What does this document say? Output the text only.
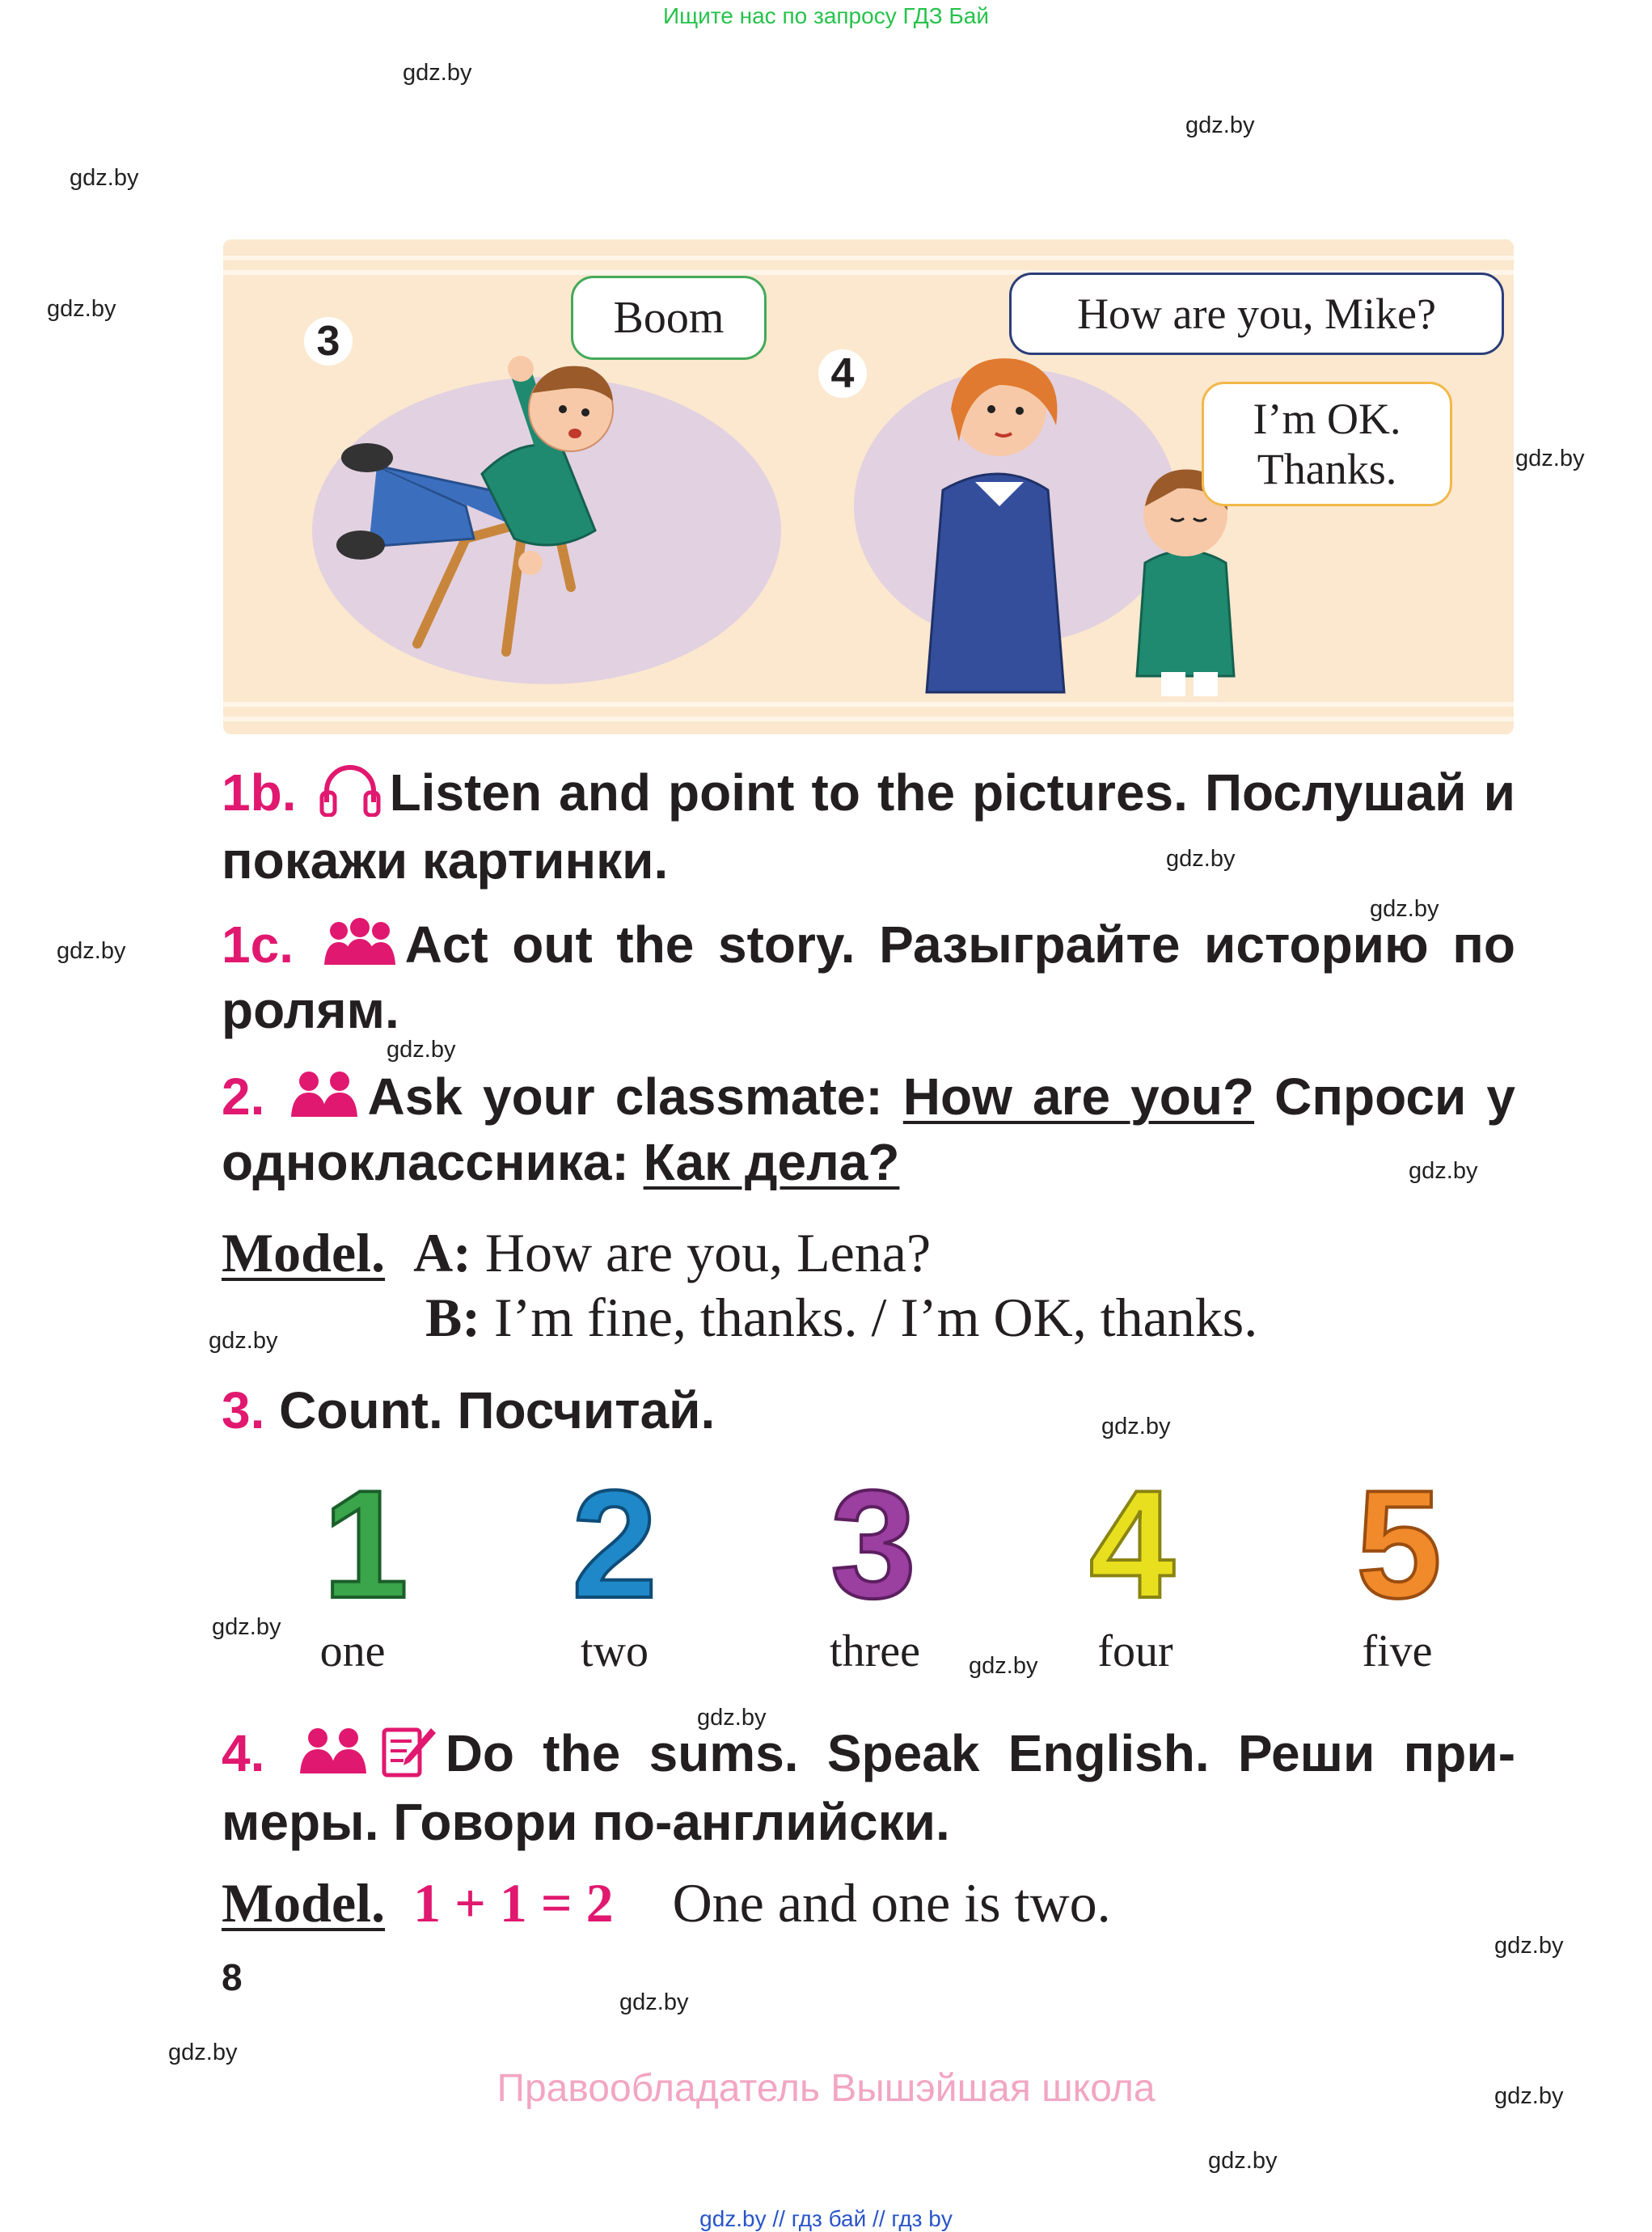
Ищите нас по запросу ГДЗ Бай
gdz.by
gdz.by
gdz.by
gdz.by
gdz.by
gdz.by
gdz.by
gdz.by
gdz.by
gdz.by
gdz.by
gdz.by
gdz.by
gdz.by
gdz.by
gdz.by
gdz.by
gdz.by
gdz.by
gdz.by
3
4
Boom	How are you, Mike?
I’m OK.
Thanks.
1b. Listen and point to the pictures. Послушай и покажи картинки.
1c. Act out the story. Разыграйте историю по ролям.
2. Ask your classmate: How are you? Спроси у одноклассника: Как дела?
Model. A: How are you, Lena?
B: I’m fine, thanks. / I’m OK, thanks.
3. Count. Посчитай.
1 2 3 4 5
one	two	three	four	five
4.	Do the sums. Speak English. Реши при-меры. Говори по-английски.
Model. 1 + 1 = 2 One and one is two.
8
Правообладатель Вышэйшая школа
gdz.by // гдз бай // гдз by
